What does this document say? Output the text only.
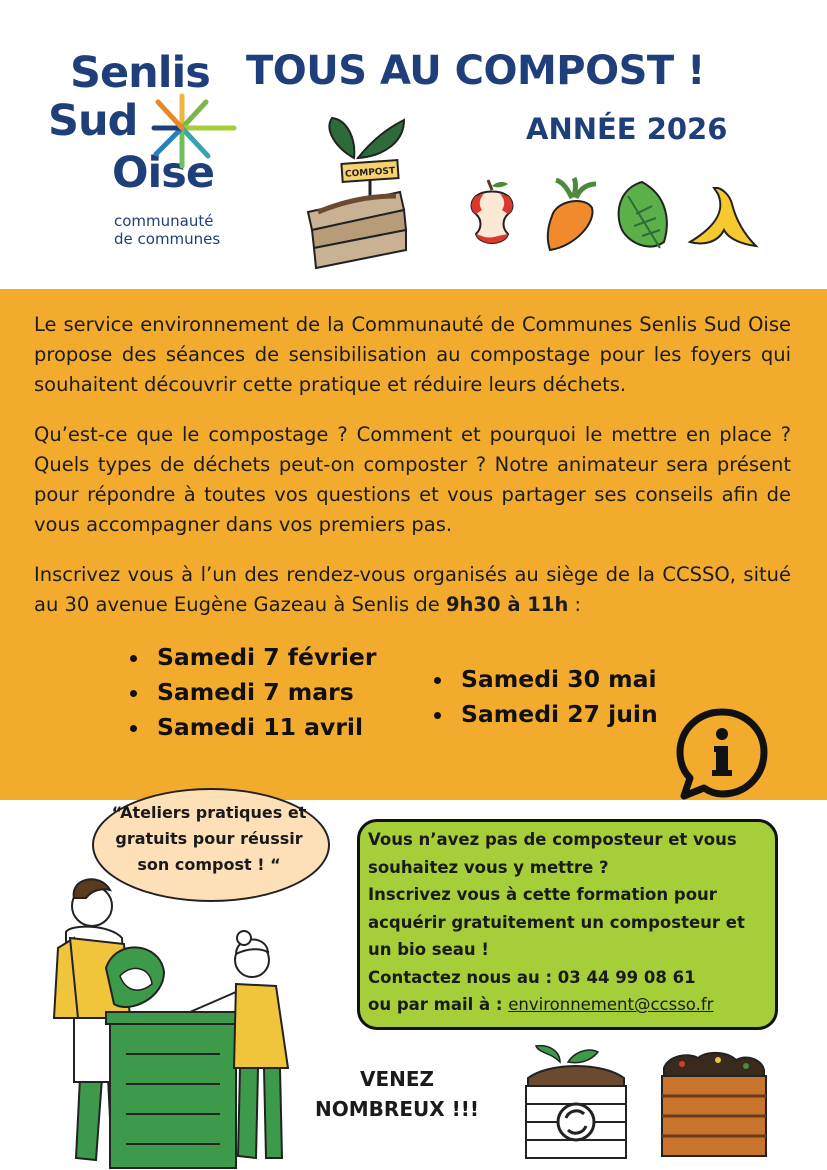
Senlis
Sud
Oise
communauté
de communes
TOUS AU COMPOST !
ANNÉE 2026
COMPOST

Le service environnement de la Communauté de Communes Senlis Sud Oise propose des séances de sensibilisation au compostage pour les foyers qui souhaitent découvrir cette pratique et réduire leurs déchets.

Qu’est-ce que le compostage ? Comment et pourquoi le mettre en place ? Quels types de déchets peut-on composter ? Notre animateur sera présent pour répondre à toutes vos questions et vous partager ses conseils afin de vous accompagner dans vos premiers pas.

Inscrivez vous à l’un des rendez-vous organisés au siège de la CCSSO, situé au 30 avenue Eugène Gazeau à Senlis de 9h30 à 11h :

Samedi 7 février
Samedi 7 mars
Samedi 11 avril
Samedi 30 mai
Samedi 27 juin
“Ateliers pratiques et gratuits pour réussir son compost ! “
Vous n’avez pas de composteur et vous souhaitez vous y mettre ?
Inscrivez vous à cette formation pour acquérir gratuitement un composteur et un bio seau !
Contactez nous au : 03 44 99 08 61
ou par mail à : environnement@ccsso.fr
VENEZ
NOMBREUX !!!
